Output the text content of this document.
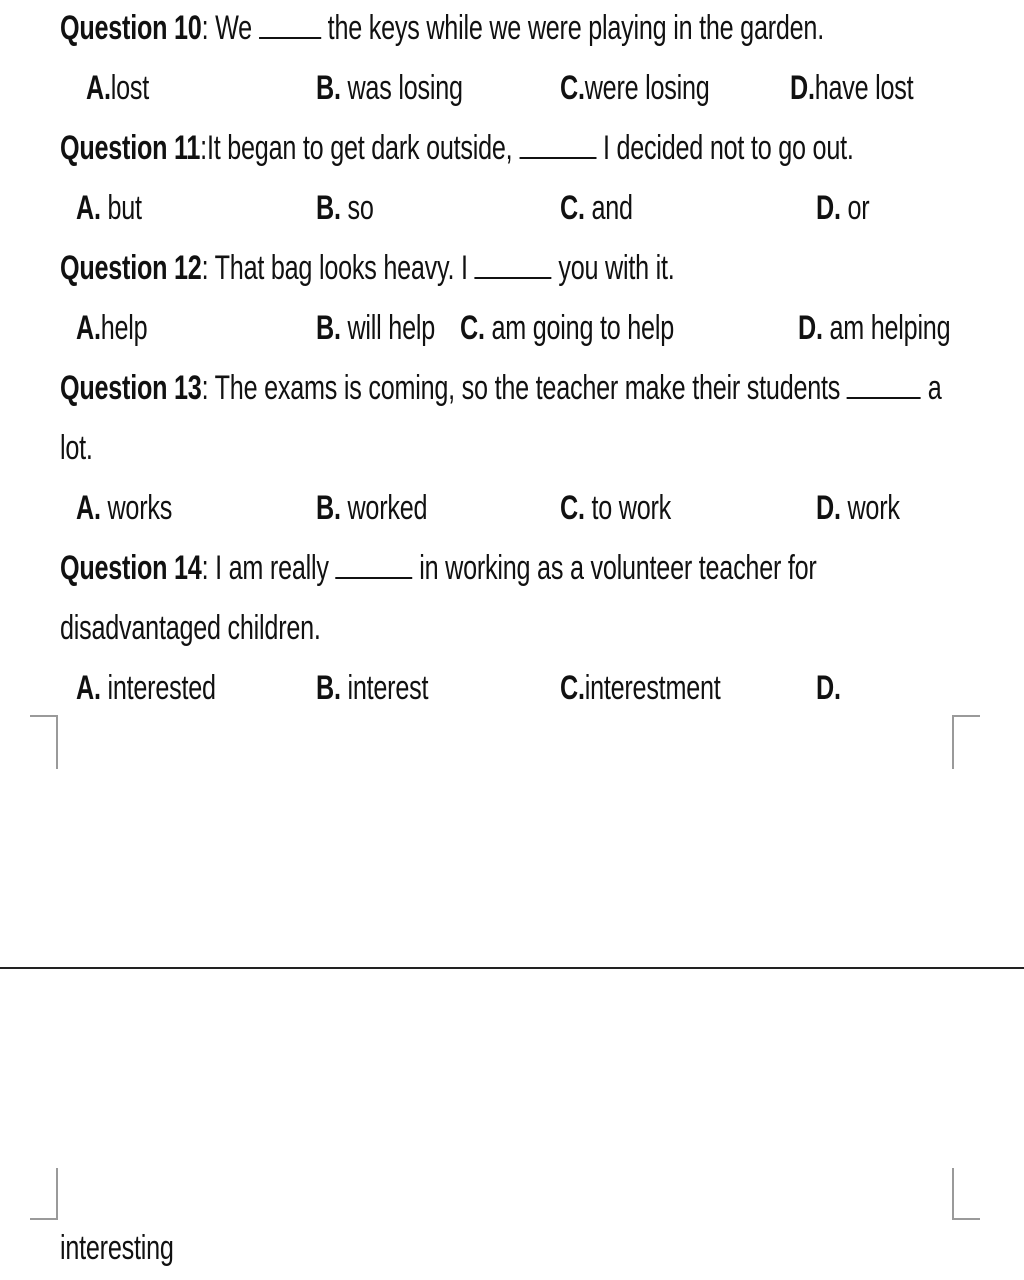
Question 10: We the keys while we were playing in the garden.
A.lost	B. was losing	C.were losing D.have lost
Question 11:It began to get dark outside,	I decided not to go out.
A. but	B. so	C. and	D. or
Question 12: That bag looks heavy. I	you with it.
A.help	B. will help C. am going to help	D. am helping
Question 13: The exams is coming, so the teacher make their students	a
lot.
A. works	B. worked	C. to work	D. work
Question 14: I am really	in working as a volunteer teacher for
disadvantaged children.
A. interested	B. interest	C.interestment	D.
interesting
